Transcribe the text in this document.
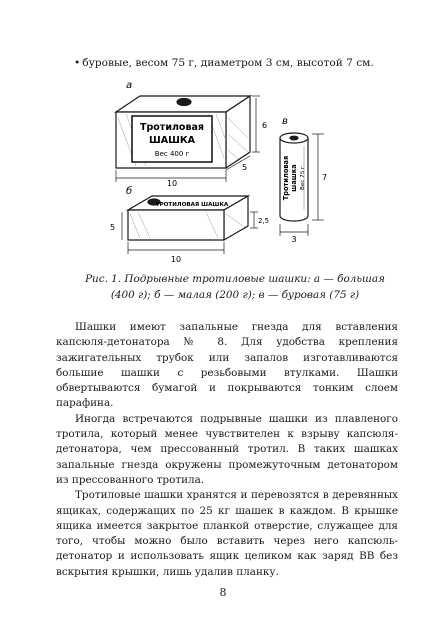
• буровые, весом 75 г, диаметром 3 см, высотой 7 см.
а
Тротиловая
ШАШКА
Вес 400 г
10
6
5
б
ТРОТИЛОВАЯ ШАШКА
10
2,5
5
в
Тротиловая шашка Вес 75 г 7
3
Рис. 1. Подрывные тротиловые шашки: а — большая (400 г); б — малая (200 г); в — буровая (75 г)

Шашки имеют запальные гнезда для вставления капсюля-детонатора № 8. Для удобства крепления зажигательных трубок или запалов изготавливаются большие шашки с резьбовыми втулками. Шашки обвертываются бумагой и покрываются тонким слоем парафина.

Иногда встречаются подрывные шашки из плавленого тротила, который менее чувствителен к взрыву капсюля-детонатора, чем прессованный тротил. В таких шашках запальные гнезда окружены промежуточным детонатором из прессованного тротила.

Тротиловые шашки хранятся и перевозятся в деревянных ящиках, содержащих по 25 кг шашек в каждом. В крышке ящика имеется закрытое планкой отверстие, служащее для того, чтобы можно было вставить через него капсюль-детонатор и использовать ящик целиком как заряд ВВ без вскрытия крышки, лишь удалив планку.

8
